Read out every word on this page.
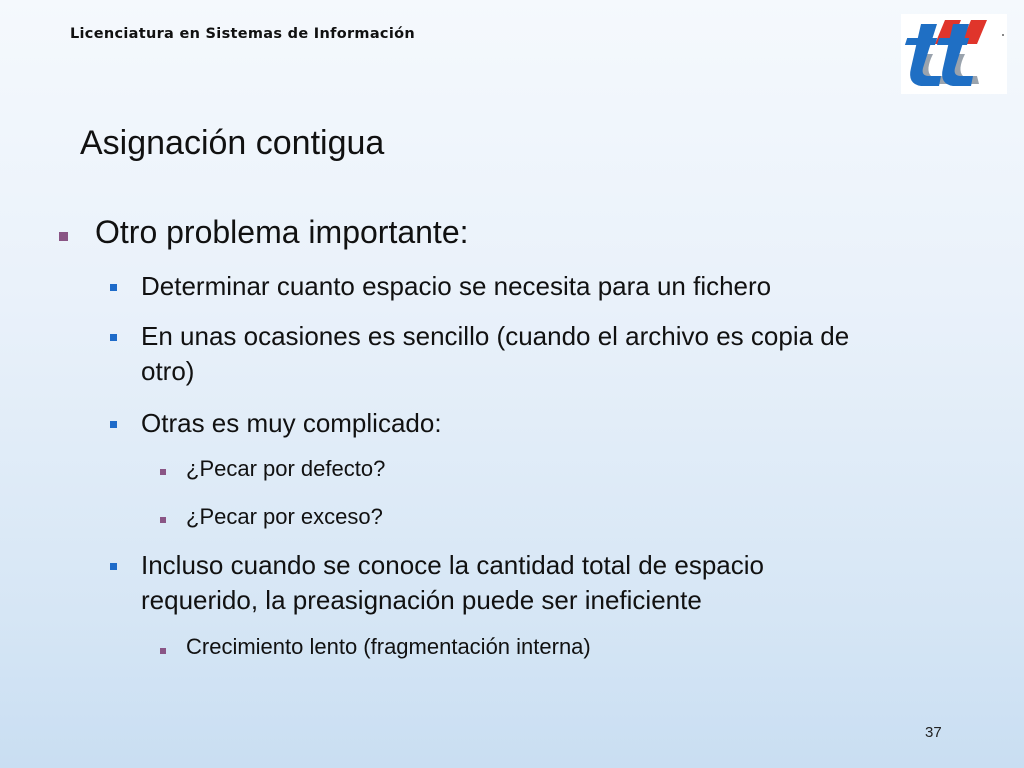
Licenciatura en Sistemas de Información
Asignación contigua
Otro problema importante:
Determinar cuanto espacio se necesita para un fichero
En unas ocasiones es sencillo (cuando el archivo es copia de
otro)
Otras es muy complicado:
¿Pecar por defecto?
¿Pecar por exceso?
Incluso cuando se conoce la cantidad total de espacio
requerido, la preasignación puede ser ineficiente
Crecimiento lento (fragmentación interna)
37
